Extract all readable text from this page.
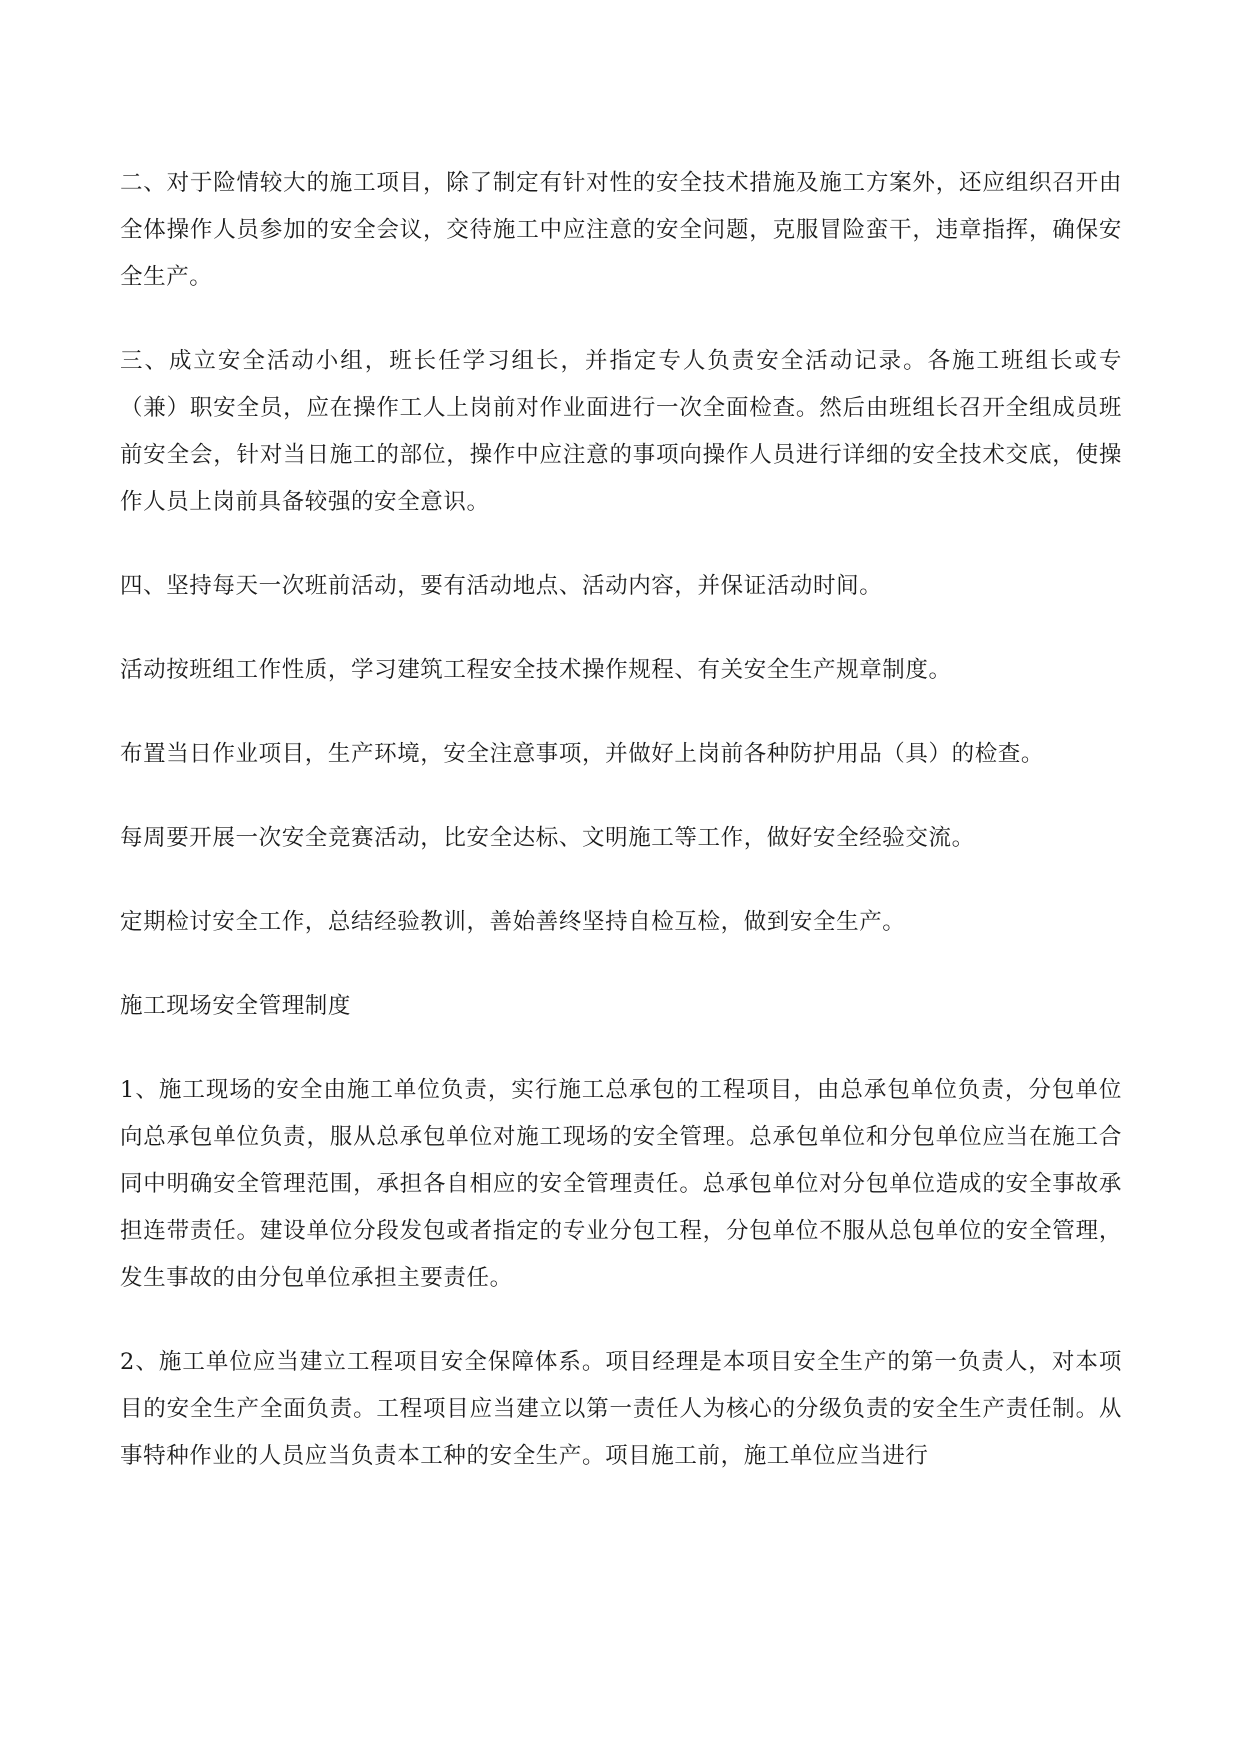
二、对于险情较大的施工项目，除了制定有针对性的安全技术措施及施工方案外，还应组织召开由全体操作人员参加的安全会议，交待施工中应注意的安全问题，克服冒险蛮干，违章指挥，确保安全生产。

三、成立安全活动小组，班长任学习组长，并指定专人负责安全活动记录。各施工班组长或专（兼）职安全员，应在操作工人上岗前对作业面进行一次全面检查。然后由班组长召开全组成员班前安全会，针对当日施工的部位，操作中应注意的事项向操作人员进行详细的安全技术交底，使操作人员上岗前具备较强的安全意识。

四、坚持每天一次班前活动，要有活动地点、活动内容，并保证活动时间。

活动按班组工作性质，学习建筑工程安全技术操作规程、有关安全生产规章制度。

布置当日作业项目，生产环境，安全注意事项，并做好上岗前各种防护用品（具）的检查。

每周要开展一次安全竞赛活动，比安全达标、文明施工等工作，做好安全经验交流。

定期检讨安全工作，总结经验教训，善始善终坚持自检互检，做到安全生产。

施工现场安全管理制度

1、施工现场的安全由施工单位负责，实行施工总承包的工程项目，由总承包单位负责，分包单位向总承包单位负责，服从总承包单位对施工现场的安全管理。总承包单位和分包单位应当在施工合同中明确安全管理范围，承担各自相应的安全管理责任。总承包单位对分包单位造成的安全事故承担连带责任。建设单位分段发包或者指定的专业分包工程，分包单位不服从总包单位的安全管理，发生事故的由分包单位承担主要责任。

2、施工单位应当建立工程项目安全保障体系。项目经理是本项目安全生产的第一负责人，对本项目的安全生产全面负责。工程项目应当建立以第一责任人为核心的分级负责的安全生产责任制。从事特种作业的人员应当负责本工种的安全生产。项目施工前，施工单位应当进行
